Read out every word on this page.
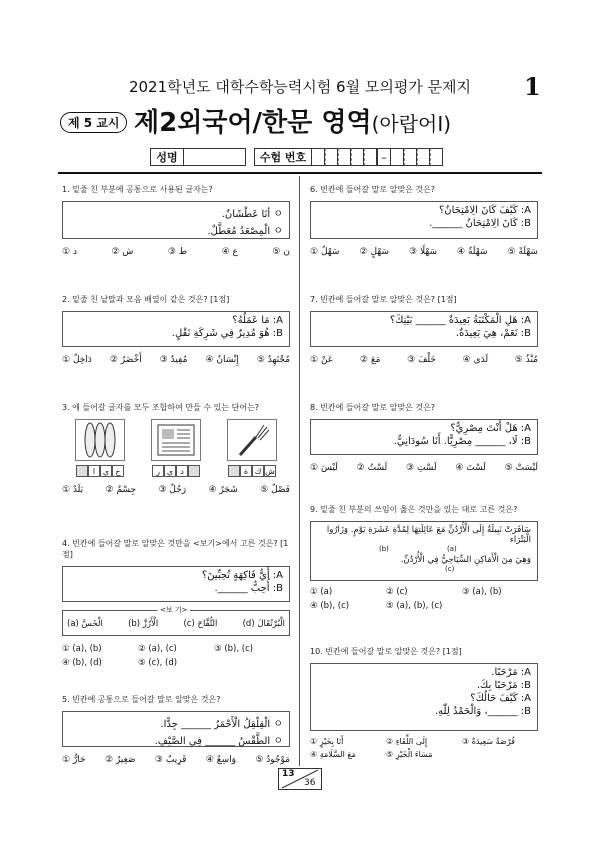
2021학년도 대학수학능력시험 6월 모의평가 문제지	1
제 5 교시 제2외국어/한문 영역(아랍어Ⅰ)
성명	수험 번호	–
1. 밑줄 친 부분에 공통으로 사용된 글자는?
ㅇ أنَا عَطْشَانٌ.
ㅇ الْمِصْعَدُ مُعَطَّلٌ.
① د	② ش	③ ط	④ ع	⑤ ن
2. 밑줄 친 낱말과 모음 배열이 같은 것은? [1점]
A: مَا عَمَلُهُ؟
B: هُوَ مُدِيرٌ فِي شَرِكَةِ نَقْلٍ.
① دَاخِلٌ ② أَخْضَرُ ③ مُفِيدٌ ④ إِنْسَانٌ ⑤ مُجْتَهِدٌ
3. 에 들어갈 글자를 모두 조합하여 만들 수 있는 단어는?
ا ي خ	ر ي د	ة ك ش
① بَلَدٌ ② جِسْمٌ ③ رَجُلٌ ④ شَجَرٌ ⑤ فَصْلٌ
4. 빈칸에 들어갈 말로 알맞은 것만을 <보기>에서 고른 것은? [1점]
A: أَيُّ فَاكِهَةٍ تُحِبِّينَ؟
B: أُحِبُّ ______.
<보 기>
(a) الْخَسَّ	(b) الْأَرُزَّ	(c) التُّفَّاحَ	(d) الْبُرْتُقَالَ
① (a), (b)	② (a), (c)	③ (b), (c)
④ (b), (d)	⑤ (c), (d)
5. 빈칸에 공통으로 들어갈 말로 알맞은 것은?
ㅇ الْقِلْقِلُ الْأَحْمَرُ ______ جِدًّا.
ㅇ الطَّقْسُ ______ فِي الصَّيْفِ.
① حَارٌّ ② صَغِيرٌ ③ قَرِيبٌ ④ وَاسِعٌ ⑤ مَوْجُودٌ
6. 빈칸에 들어갈 말로 알맞은 것은?
A: كَيْفَ كَانَ الِامْتِحَانُ؟
B: كَانَ الِامْتِحَانُ ______.
① سَهْلٌ ② سَهْلٍ ③ سَهْلًا ④ سَهْلَةٌ ⑤ سَهْلَةً
7. 빈칸에 들어갈 말로 알맞은 것은? [1점]
A: هَلِ الْمَكْتَبَةُ بَعِيدَةٌ ______ بَيْتِكَ؟
B: نَعَمْ، هِيَ بَعِيدَةٌ.
① عَنْ	② مَعَ	③ خَلْفَ	④ لَدَى	⑤ مُنْذُ
8. 빈칸에 들어갈 말로 알맞은 것은?
A: هَلْ أَنْتَ مِصْرِيٌّ؟
B: لَا، ______ مِصْرِيًّا. أَنَا سُودَانِيٌّ.
① لَيْسَ ② لَسْتُ ③ لَسْتِ ④ لَسْتَ ⑤ لَيْسَتْ
9. 밑줄 친 부분의 쓰임이 옳은 것만을 있는 대로 고른 것은?
سَافَرَتْ نَبِيلَةُ إِلَى الْأُرْدُنِّ مَعَ عَائِلَتِهَا لِمُدَّةِ عَشَرَةِ يَوْمٍ. وَزَارُوا الْبَتْرَاء
(a)
(b)
وَهِيَ مِنَ الْأَمَاكِنِ السِّيَاحِيُّ فِي الْأُرْدُنِّ.
(c)
① (a)	② (c)	③ (a), (b)
④ (b), (c)	⑤ (a), (b), (c)
10. 빈칸에 들어갈 말로 알맞은 것은? [1점]
A: مَرْحَبًا.
B: مَرْحَبًا بِكَ.
A: كَيْفَ حَالُكَ؟
B: ______، وَالْحَمْدُ لِلّٰهِ.
① أَنَا بِخَيْرٍ	② إِلَى اللِّقَاءِ	③ فُرْصَةٌ سَعِيدَةٌ
④ مَعَ السَّلَامَةِ	⑤ مَسَاءَ الْخَيْرِ
13
36
